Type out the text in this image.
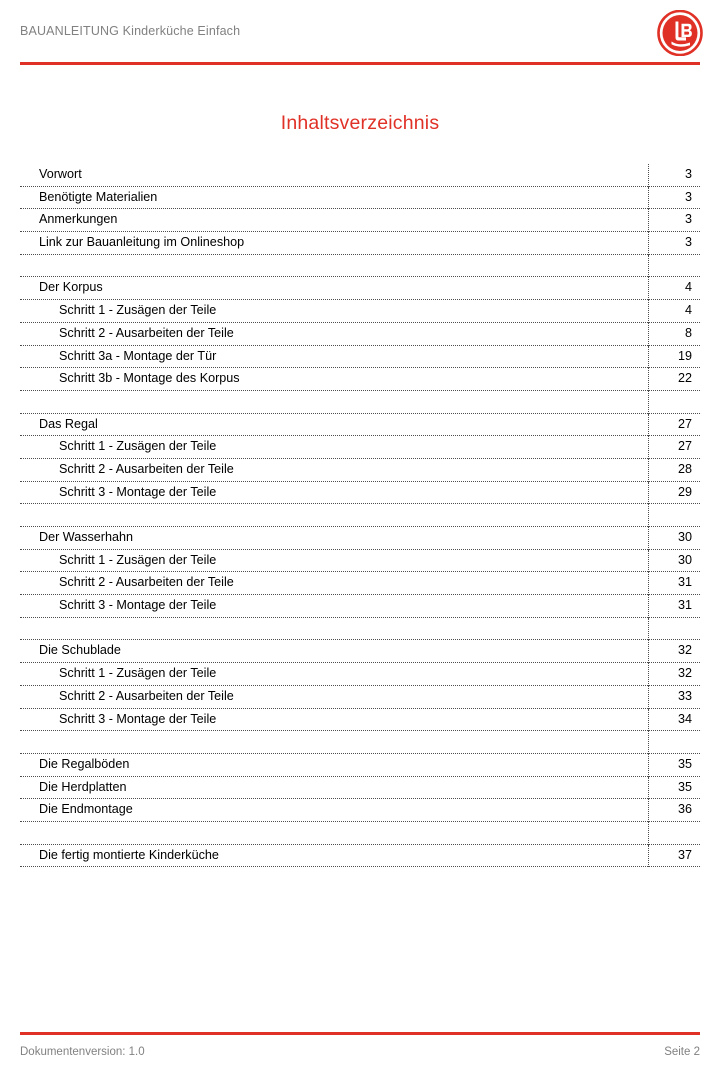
BAUANLEITUNG Kinderküche Einfach
Inhaltsverzeichnis
Vorwort	3
Benötigte Materialien	3
Anmerkungen	3
Link zur Bauanleitung im Onlineshop	3
Der Korpus	4
Schritt 1 - Zusägen der Teile	4
Schritt 2 - Ausarbeiten der Teile	8
Schritt 3a - Montage der Tür	19
Schritt 3b - Montage des Korpus	22
Das Regal	27
Schritt 1 - Zusägen der Teile	27
Schritt 2 - Ausarbeiten der Teile	28
Schritt 3 - Montage der Teile	29
Der Wasserhahn	30
Schritt 1 - Zusägen der Teile	30
Schritt 2 - Ausarbeiten der Teile	31
Schritt 3 - Montage der Teile	31
Die Schublade	32
Schritt 1 - Zusägen der Teile	32
Schritt 2 - Ausarbeiten der Teile	33
Schritt 3 - Montage der Teile	34
Die Regalböden	35
Die Herdplatten	35
Die Endmontage	36
Die fertig montierte Kinderküche	37
Dokumentenversion: 1.0	Seite 2
